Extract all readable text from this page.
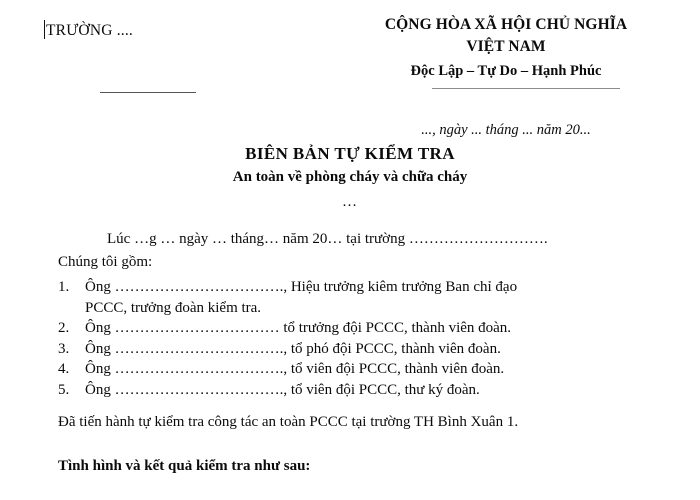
TRƯỜNG ....	CỘNG HÒA XÃ HỘI CHỦ NGHĨA
VIỆT NAM
Độc Lập – Tự Do – Hạnh Phúc
..., ngày ... tháng ... năm 20...
BIÊN BẢN TỰ KIỂM TRA
An toàn về phòng cháy và chữa cháy
…
Lúc …g … ngày … tháng… năm 20… tại trường ……………………….
Chúng tôi gồm:
1.	Ông ……………………………., Hiệu trưởng kiêm trưởng Ban chỉ đạo
PCCC, trưởng đoàn kiểm tra.
2.	Ông …………………………… tổ trưởng đội PCCC, thành viên đoàn.
3.	Ông ……………………………., tổ phó đội PCCC, thành viên đoàn.
4.	Ông ……………………………., tổ viên đội PCCC, thành viên đoàn.
5.	Ông ……………………………., tổ viên đội PCCC, thư ký đoàn.
Đã tiến hành tự kiểm tra công tác an toàn PCCC tại trường TH Bình Xuân 1.
Tình hình và kết quả kiểm tra như sau:
